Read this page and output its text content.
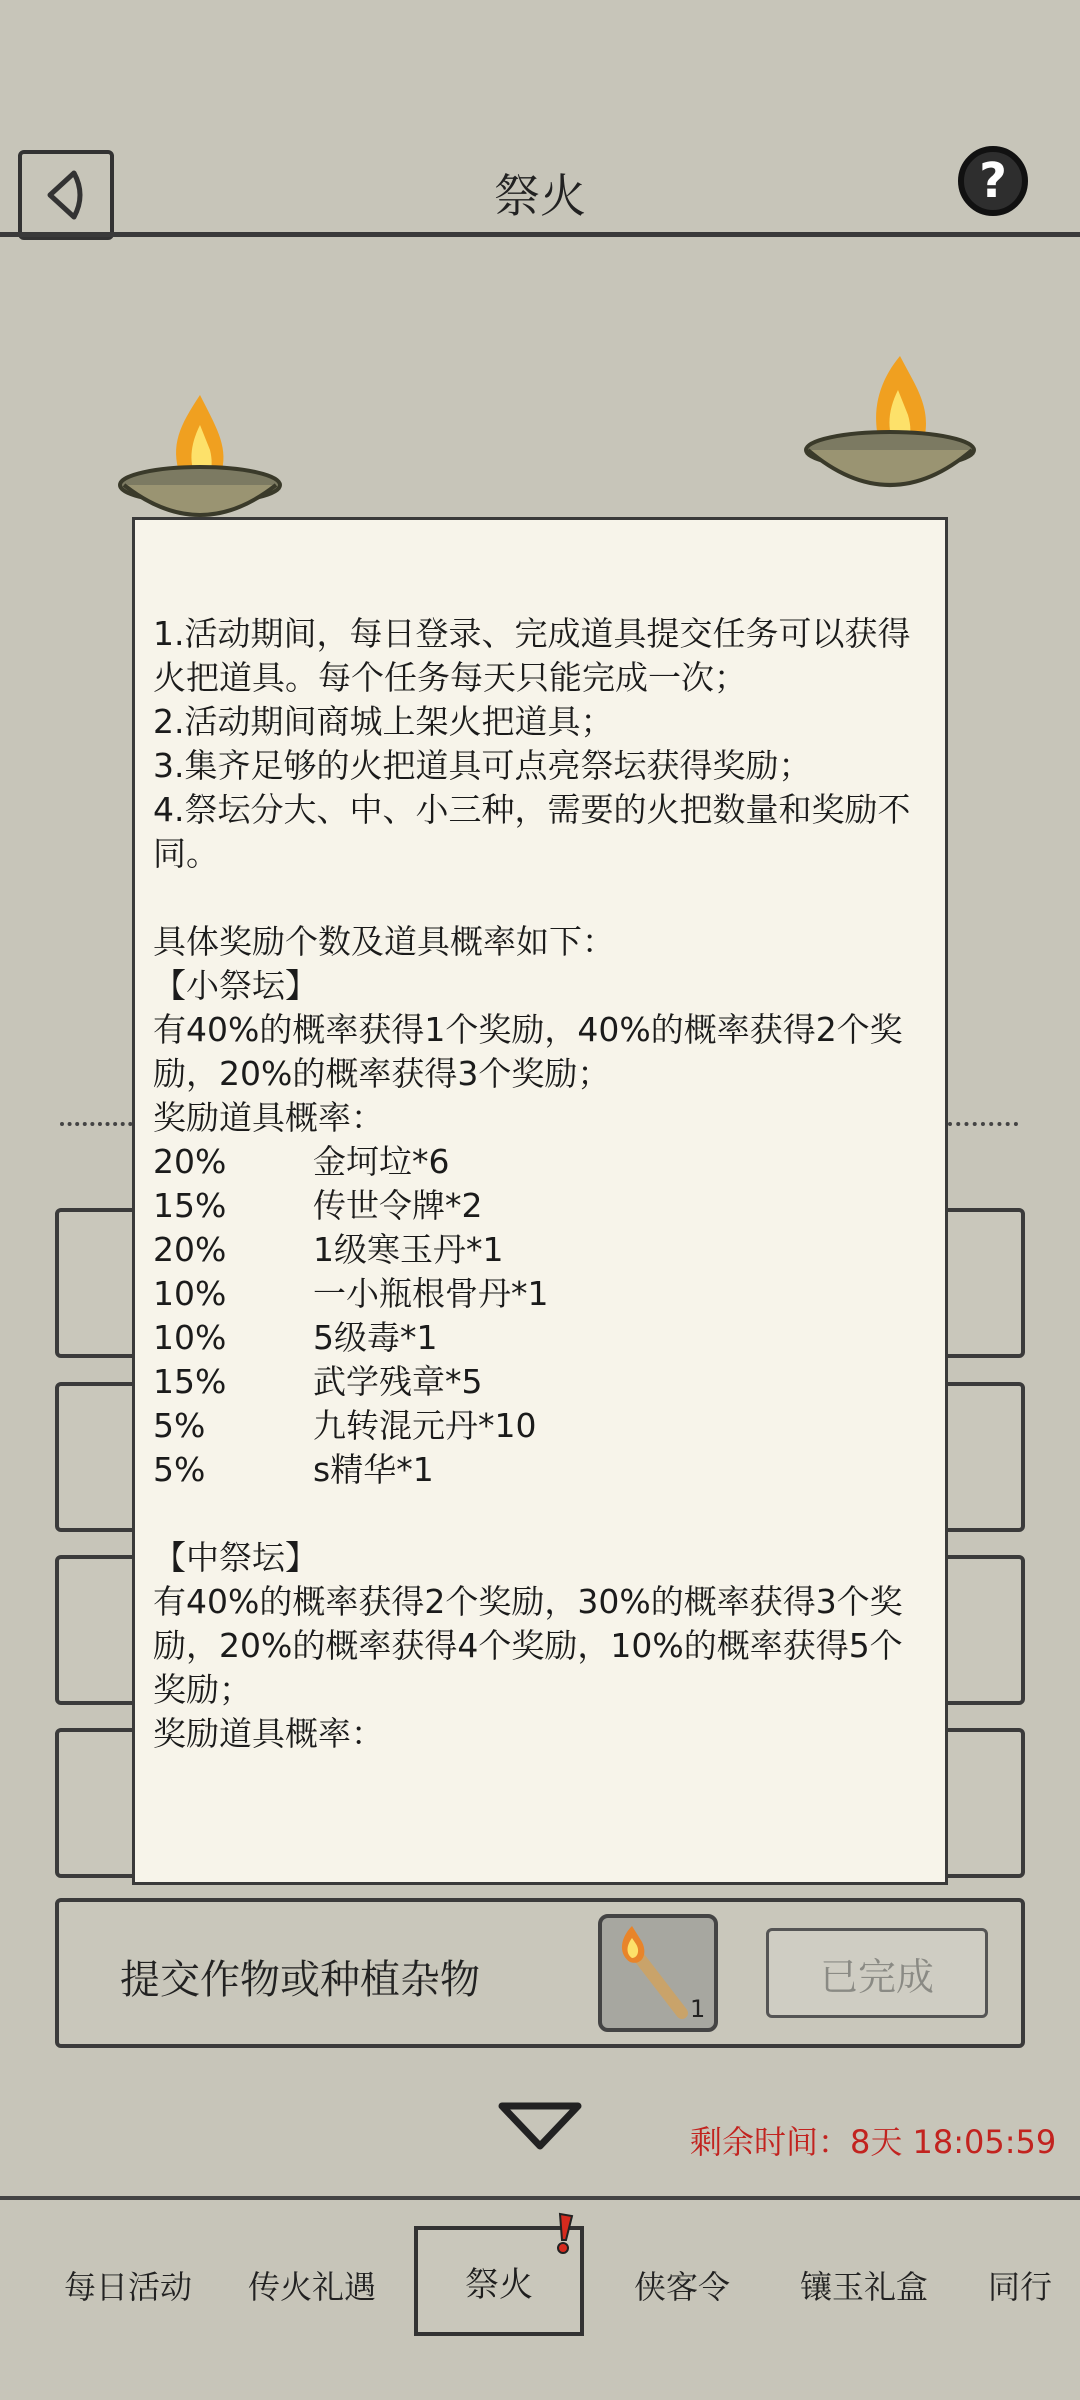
祭火	?
提交作物或种植杂物
1
已完成

1.活动期间，每日登录、完成道具提交任务可以获得火把道具。每个任务每天只能完成一次；

2.活动期间商城上架火把道具；

3.集齐足够的火把道具可点亮祭坛获得奖励；

4.祭坛分大、中、小三种，需要的火把数量和奖励不同。

具体奖励个数及道具概率如下：

【小祭坛】

有40%的概率获得1个奖励，40%的概率获得2个奖励，20%的概率获得3个奖励；

奖励道具概率：

20%	金坷垃*6
15%	传世令牌*2
20%	1级寒玉丹*1
10%	一小瓶根骨丹*1
10%	5级毒*1
15%	武学残章*5
5%	九转混元丹*10
5%	s精华*1

【中祭坛】

有40%的概率获得2个奖励，30%的概率获得3个奖励，20%的概率获得4个奖励，10%的概率获得5个奖励；

奖励道具概率：

剩余时间：8天 18:05:59
每日活动 传火礼遇	祭火	侠客令 镶玉礼盒 同行
